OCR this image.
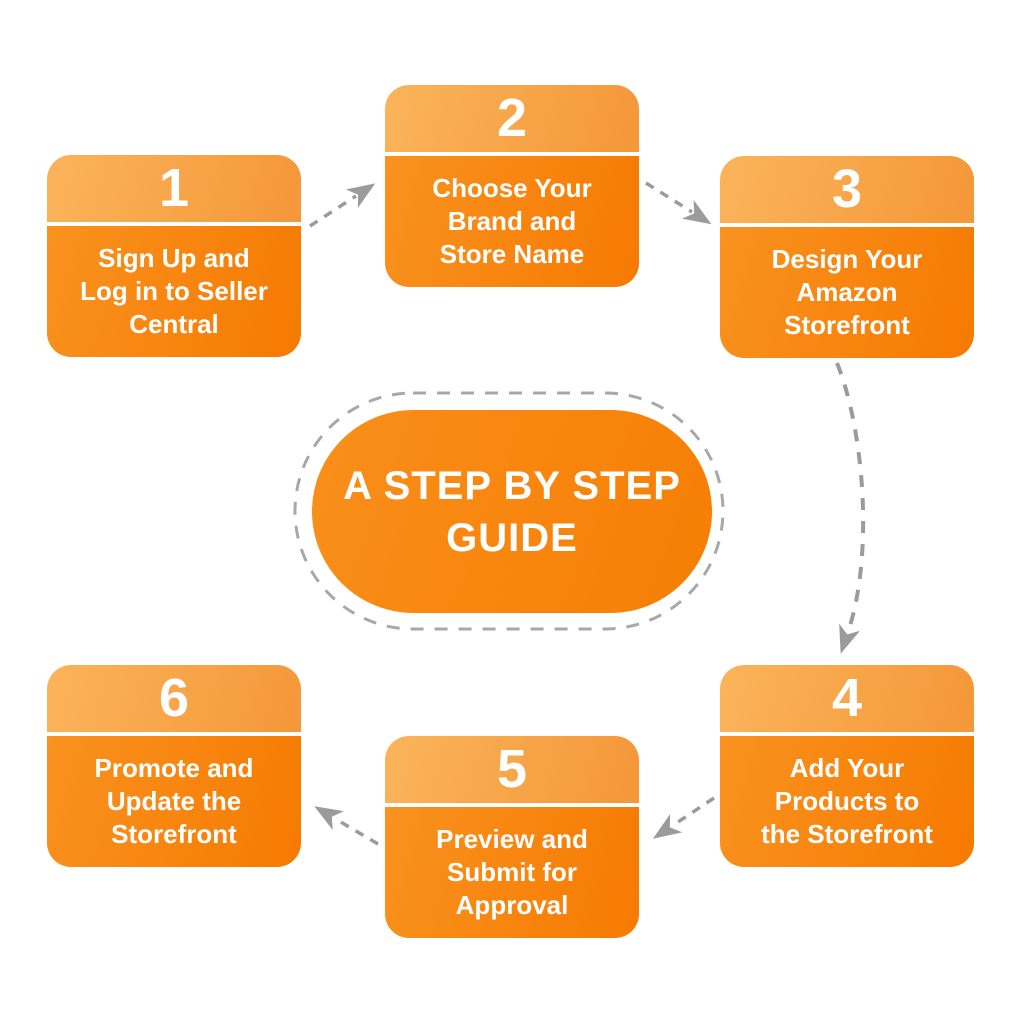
1
Sign Up and
Log in to Seller
Central
2
Choose Your
Brand and
Store Name
3
Design Your
Amazon
Storefront
4
Add Your
Products to
the Storefront
5
Preview and
Submit for
Approval
6
Promote and
Update the
Storefront
A STEP BY STEP
GUIDE
